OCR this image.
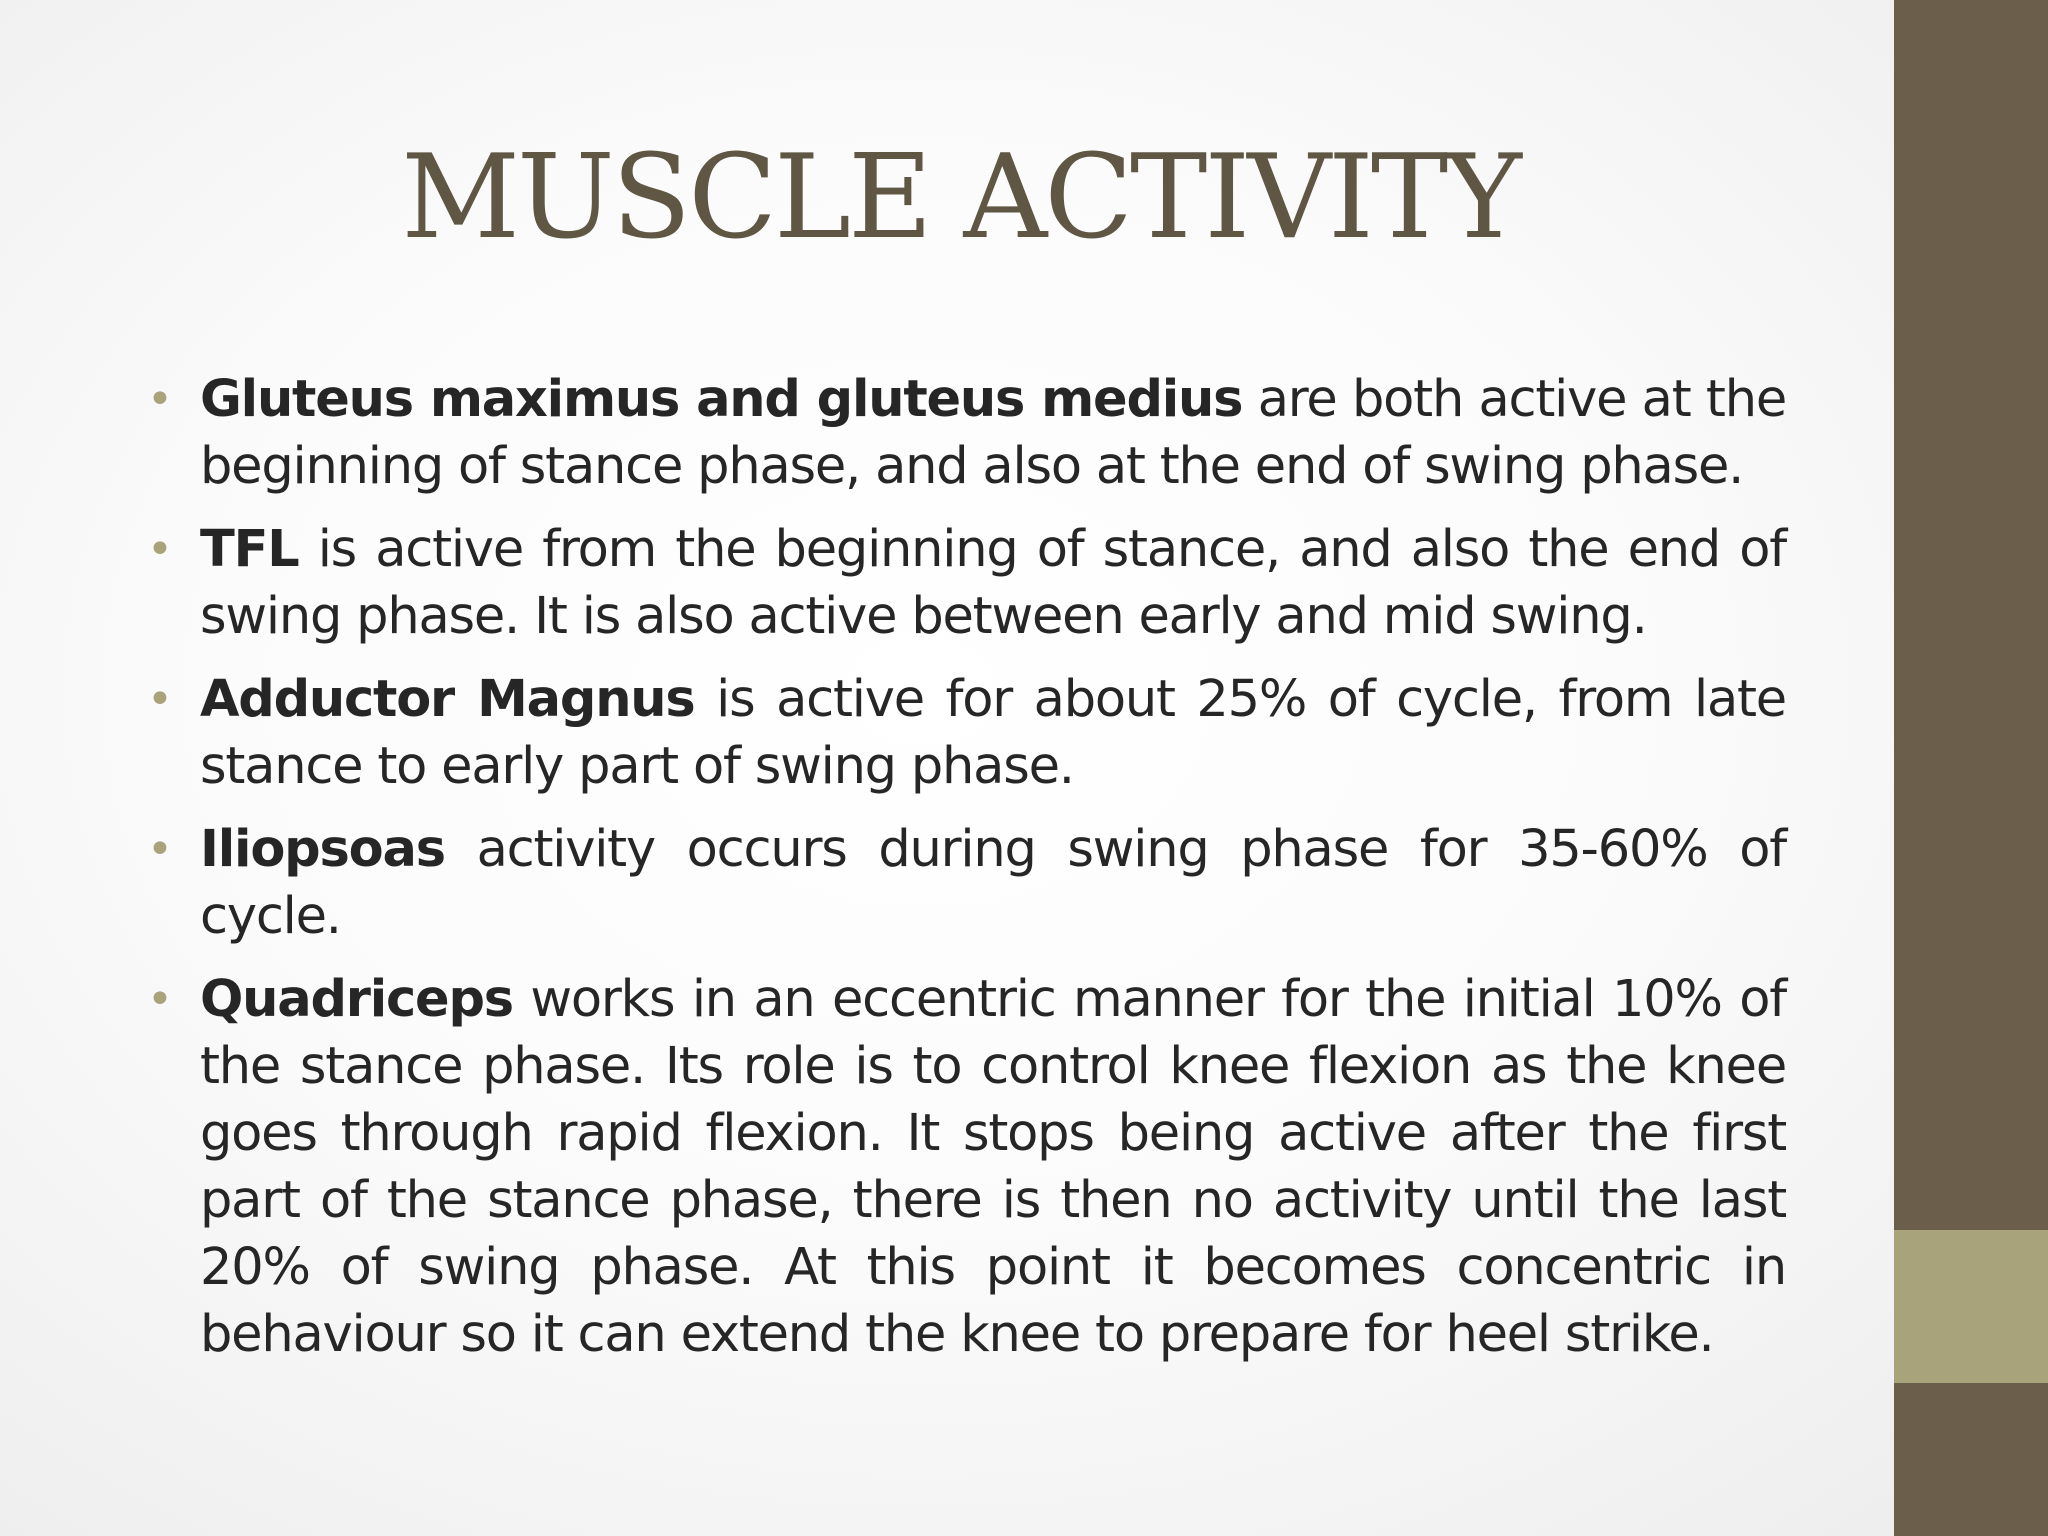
MUSCLE ACTIVITY
• Gluteus maximus and gluteus medius are both active at the beginning of stance phase, and also at the end of swing phase.
• TFL is active from the beginning of stance, and also the end of swing phase. It is also active between early and mid swing.
• Adductor Magnus is active for about 25% of cycle, from late stance to early part of swing phase.
• Iliopsoas activity occurs during swing phase for 35-60% of cycle.
• Quadriceps works in an eccentric manner for the initial 10% of the stance phase. Its role is to control knee flexion as the knee goes through rapid flexion. It stops being active after the first part of the stance phase, there is then no activity until the last 20% of swing phase. At this point it becomes concentric in behaviour so it can extend the knee to prepare for heel strike.
